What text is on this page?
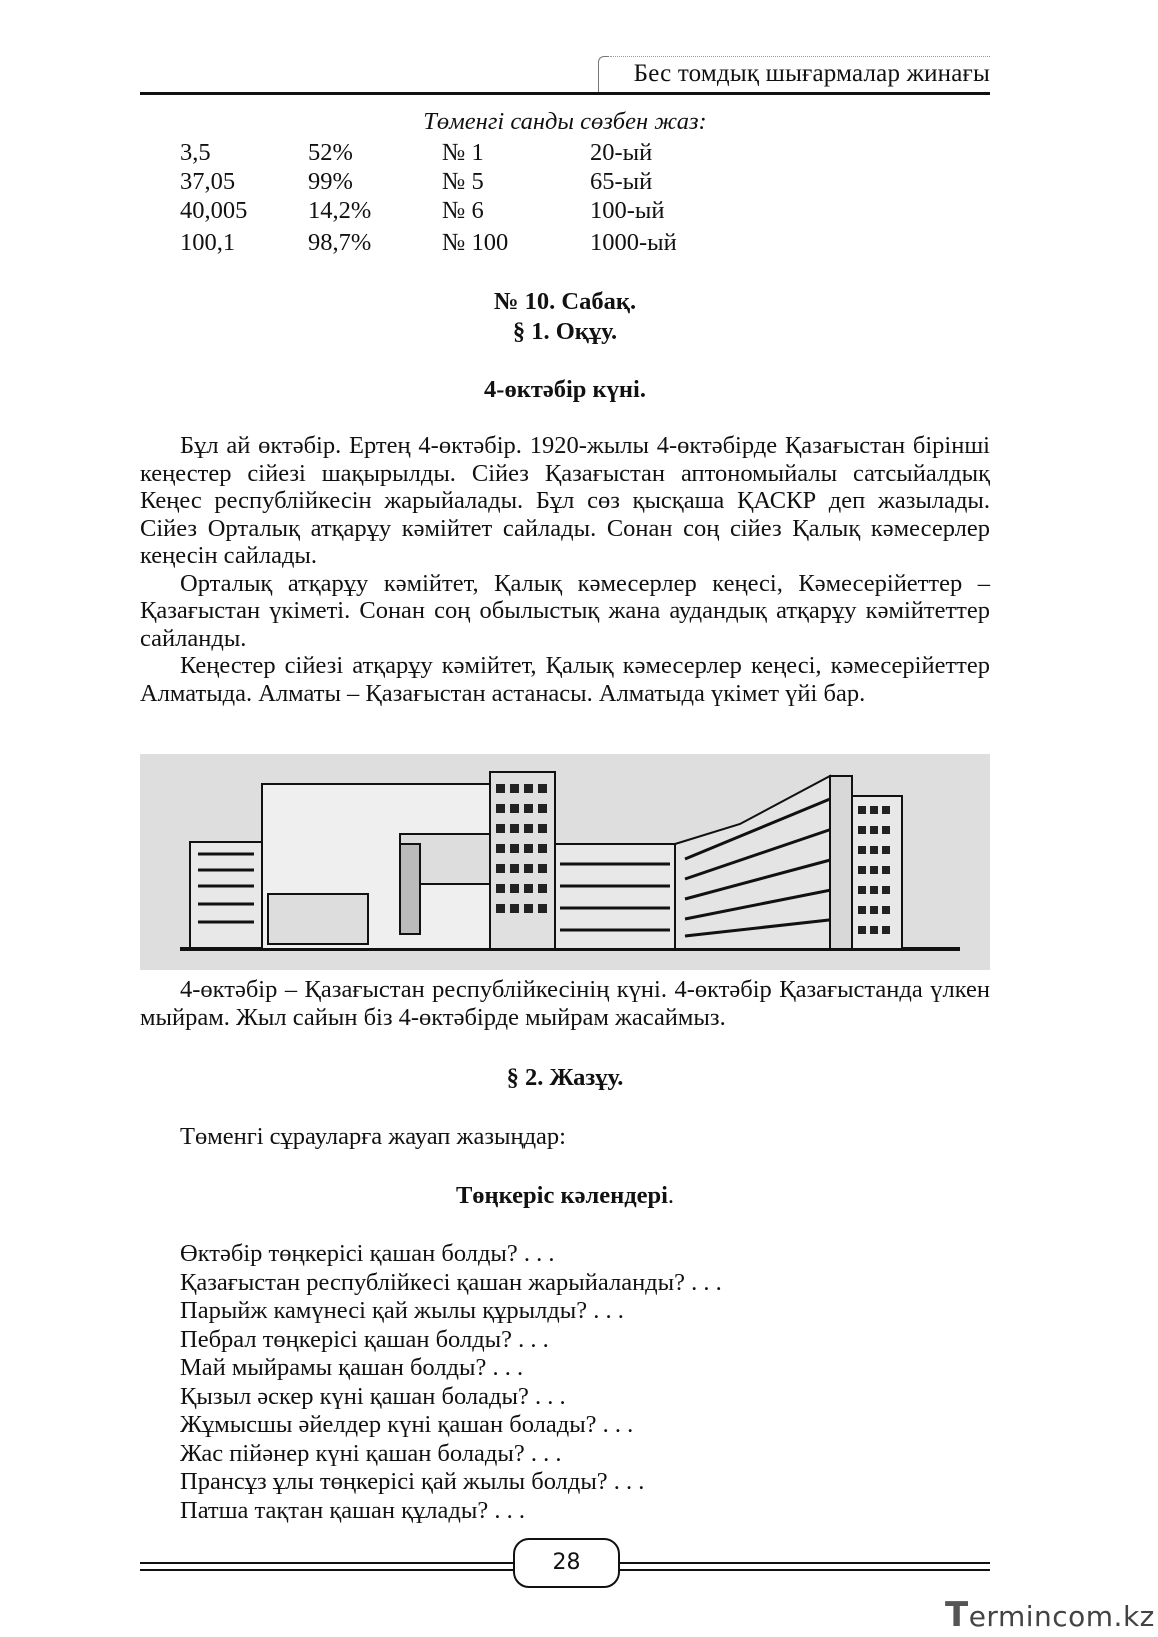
Бес томдық шығармалар жинағы
Төменгі санды сөзбен жаз:
3,5	52%	№ 1	20-ый
37,05	99%	№ 5	65-ый
40,005 14,2%	№ 6	100-ый
100,1	98,7%	№ 100	1000-ый
№ 10. Сабақ.
§ 1. Оқұу.
4-өктәбір күні.

Бұл ай өктәбір. Ертең 4-өктәбір. 1920-жылы 4-өктәбірде Қазағыстан бірінші кеңестер сійезі шақырылды. Сійез Қазағыстан аптономыйалы сатсыйалдық Кеңес республійкесін жарыйалады. Бұл сөз қысқаша ҚАСКР деп жазылады. Сійез Орталық атқарұу кәмійтет сайлады. Сонан соң сійез Қалық кәмесерлер кеңесін сайлады.

Орталық атқарұу кәмійтет, Қалық кәмесерлер кеңесі, Кәмесерійеттер – Қазағыстан үкіметі. Сонан соң обылыстық жана аудандық атқарұу кәмійтеттер сайланды.

Кеңестер сійезі атқарұу кәмійтет, Қалық кәмесерлер кеңесі, кәмесерійеттер Алматыда. Алматы – Қазағыстан астанасы. Алматыда үкімет үйі бар.

4-өктәбір – Қазағыстан республійкесінің күні. 4-өктәбір Қазағыстанда үлкен мыйрам. Жыл сайын біз 4-өктәбірде мыйрам жасаймыз.

§ 2. Жазұу.
Төменгі сұрауларға жауап жазыңдар:
Төңкеріс кәлендері.
Өктәбір төңкерісі қашан болды? . . .
Қазағыстан республійкесі қашан жарыйаланды? . . .
Парыйж камүнесі қай жылы құрылды? . . .
Пебрал төңкерісі қашан болды? . . .
Май мыйрамы қашан болды? . . .
Қызыл әскер күні қашан болады? . . .
Жұмысшы әйелдер күні қашан болады? . . .
Жас пійәнер күні қашан болады? . . .
Прансұз ұлы төңкерісі қай жылы болды? . . .
Патша тақтан қашан құлады? . . .
28
Termincom.kz
